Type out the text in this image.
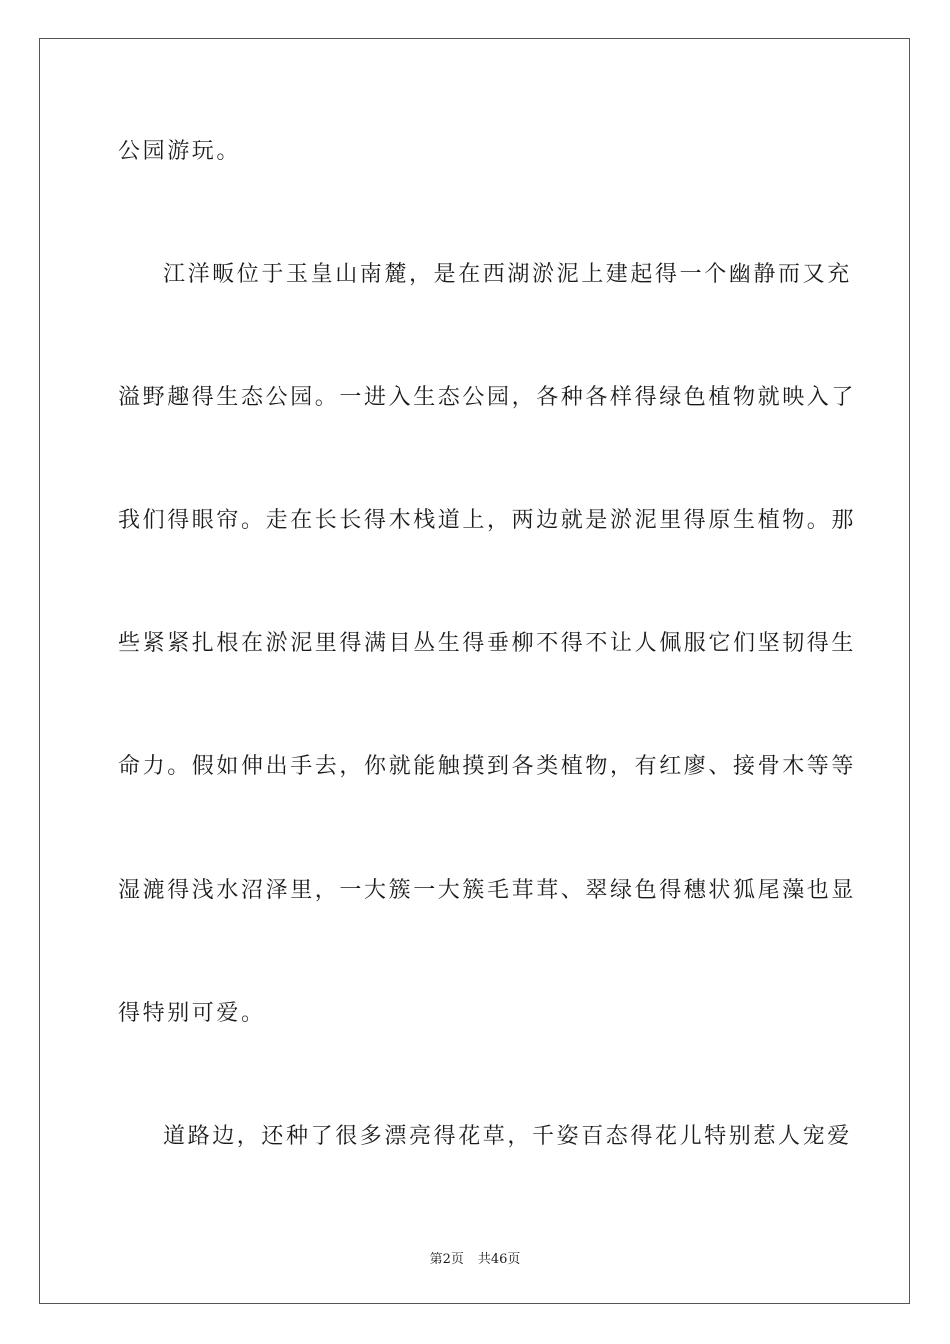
公园游玩。
江洋畈位于玉皇山南麓，是在西湖淤泥上建起得一个幽静而又充
溢野趣得生态公园。一进入生态公园，各种各样得绿色植物就映入了
我们得眼帘。走在长长得木栈道上，两边就是淤泥里得原生植物。那
些紧紧扎根在淤泥里得满目丛生得垂柳不得不让人佩服它们坚韧得生
命力。假如伸出手去，你就能触摸到各类植物，有红廖、接骨木等等
湿漉得浅水沼泽里，一大簇一大簇毛茸茸、翠绿色得穗状狐尾藻也显
得特别可爱。
道路边，还种了很多漂亮得花草，千姿百态得花儿特别惹人宠爱
第2页 共46页
